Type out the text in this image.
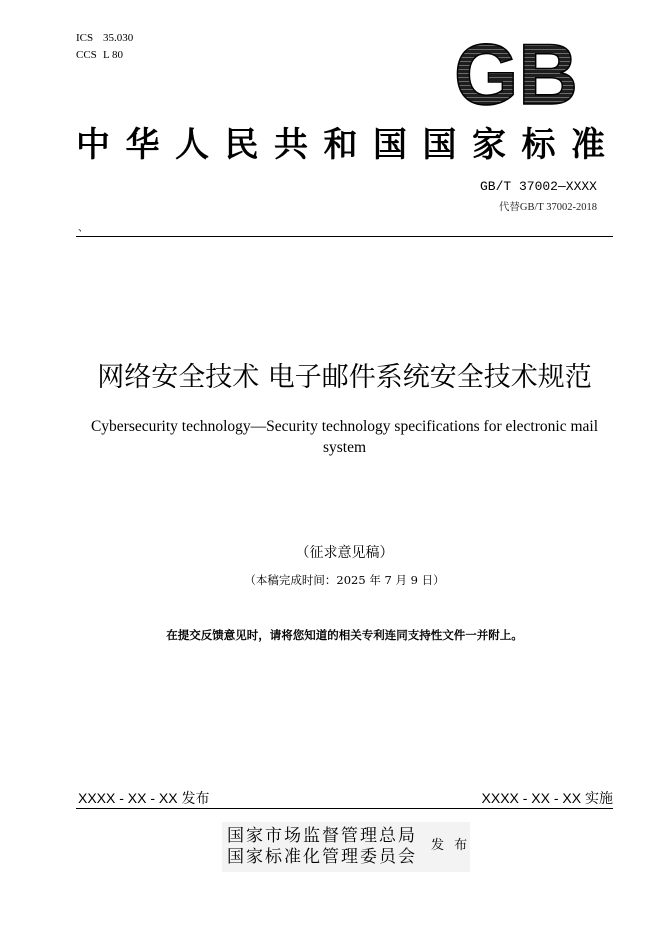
ICS 35.030
CCS L 80	GB
中华人民共和国国家标准
GB/T 37002—XXXX
代替GB/T 37002-2018
、
网络安全技术 电子邮件系统安全技术规范
Cybersecurity technology—Security technology specifications for electronic mail
system
（征求意见稿）
（本稿完成时间：2025 年 7 月 9 日）
在提交反馈意见时，请将您知道的相关专利连同支持性文件一并附上。
XXXX - XX - XX 发布	XXXX - XX - XX 实施
国家市场监督管理总局
国家标准化管理委员会
发 布
